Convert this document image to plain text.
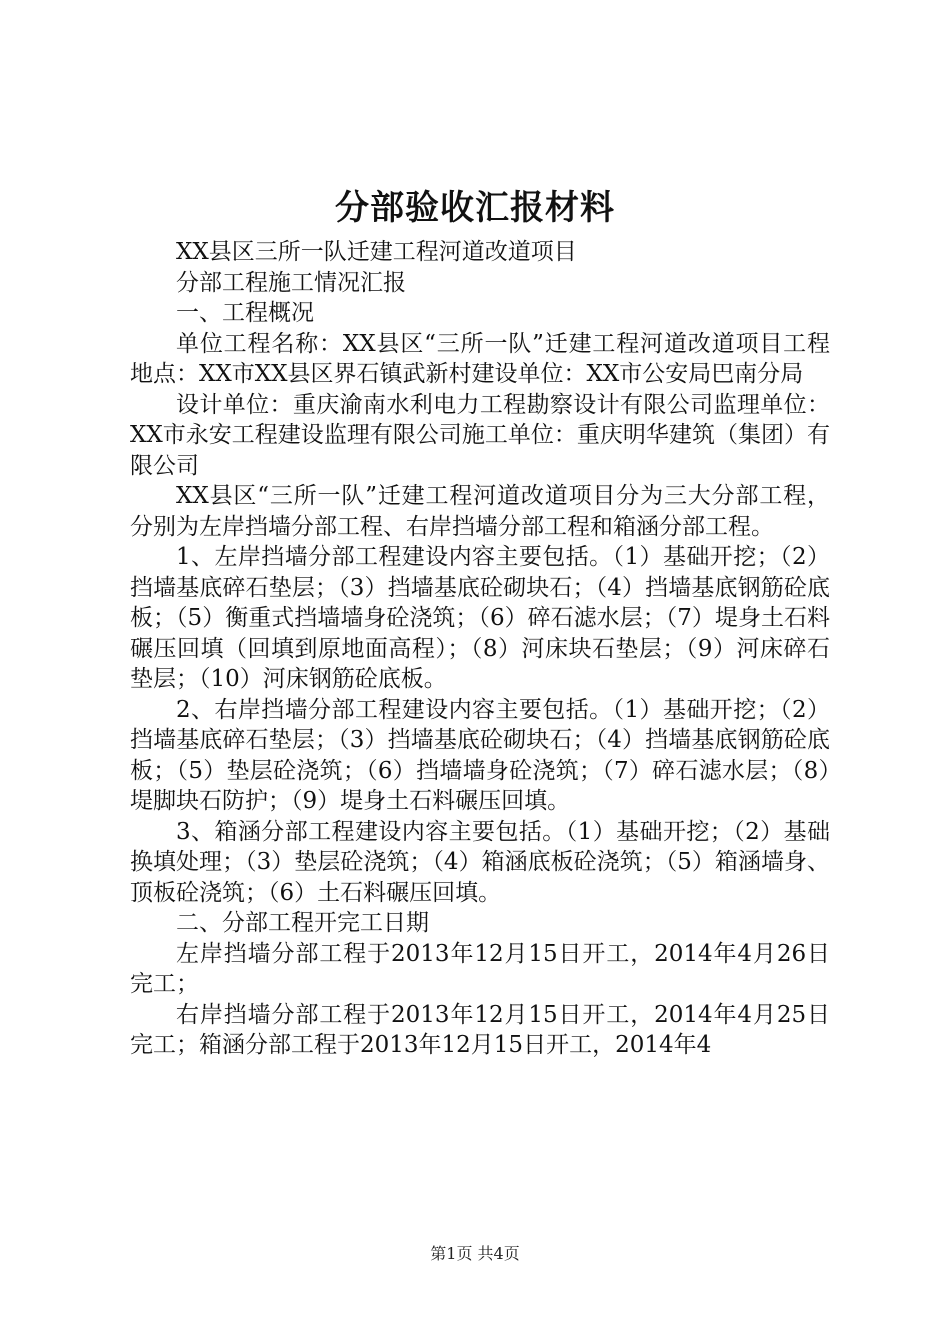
分部验收汇报材料

XX县区三所一队迁建工程河道改道项目

分部工程施工情况汇报

一、工程概况

单位工程名称：XX县区“三所一队”迁建工程河道改道项目工程地点：XX市XX县区界石镇武新村建设单位：XX市公安局巴南分局

设计单位：重庆渝南水利电力工程勘察设计有限公司监理单位：XX市永安工程建设监理有限公司施工单位：重庆明华建筑（集团）有限公司

XX县区“三所一队”迁建工程河道改道项目分为三大分部工程，分别为左岸挡墙分部工程、右岸挡墙分部工程和箱涵分部工程。

1、左岸挡墙分部工程建设内容主要包括。（1）基础开挖；（2）挡墙基底碎石垫层；（3）挡墙基底砼砌块石；（4）挡墙基底钢筋砼底板；（5）衡重式挡墙墙身砼浇筑；（6）碎石滤水层；（7）堤身土石料碾压回填（回填到原地面高程）；（8）河床块石垫层；（9）河床碎石垫层；（10）河床钢筋砼底板。

2、右岸挡墙分部工程建设内容主要包括。（1）基础开挖；（2）挡墙基底碎石垫层；（3）挡墙基底砼砌块石；（4）挡墙基底钢筋砼底板；（5）垫层砼浇筑；（6）挡墙墙身砼浇筑；（7）碎石滤水层；（8）堤脚块石防护；（9）堤身土石料碾压回填。

3、箱涵分部工程建设内容主要包括。（1）基础开挖；（2）基础换填处理；（3）垫层砼浇筑；（4）箱涵底板砼浇筑；（5）箱涵墙身、顶板砼浇筑；（6）土石料碾压回填。

二、分部工程开完工日期

左岸挡墙分部工程于2013年12月15日开工，2014年4月26日完工；

右岸挡墙分部工程于2013年12月15日开工，2014年4月25日完工；箱涵分部工程于2013年12月15日开工，2014年4

第1页 共4页
